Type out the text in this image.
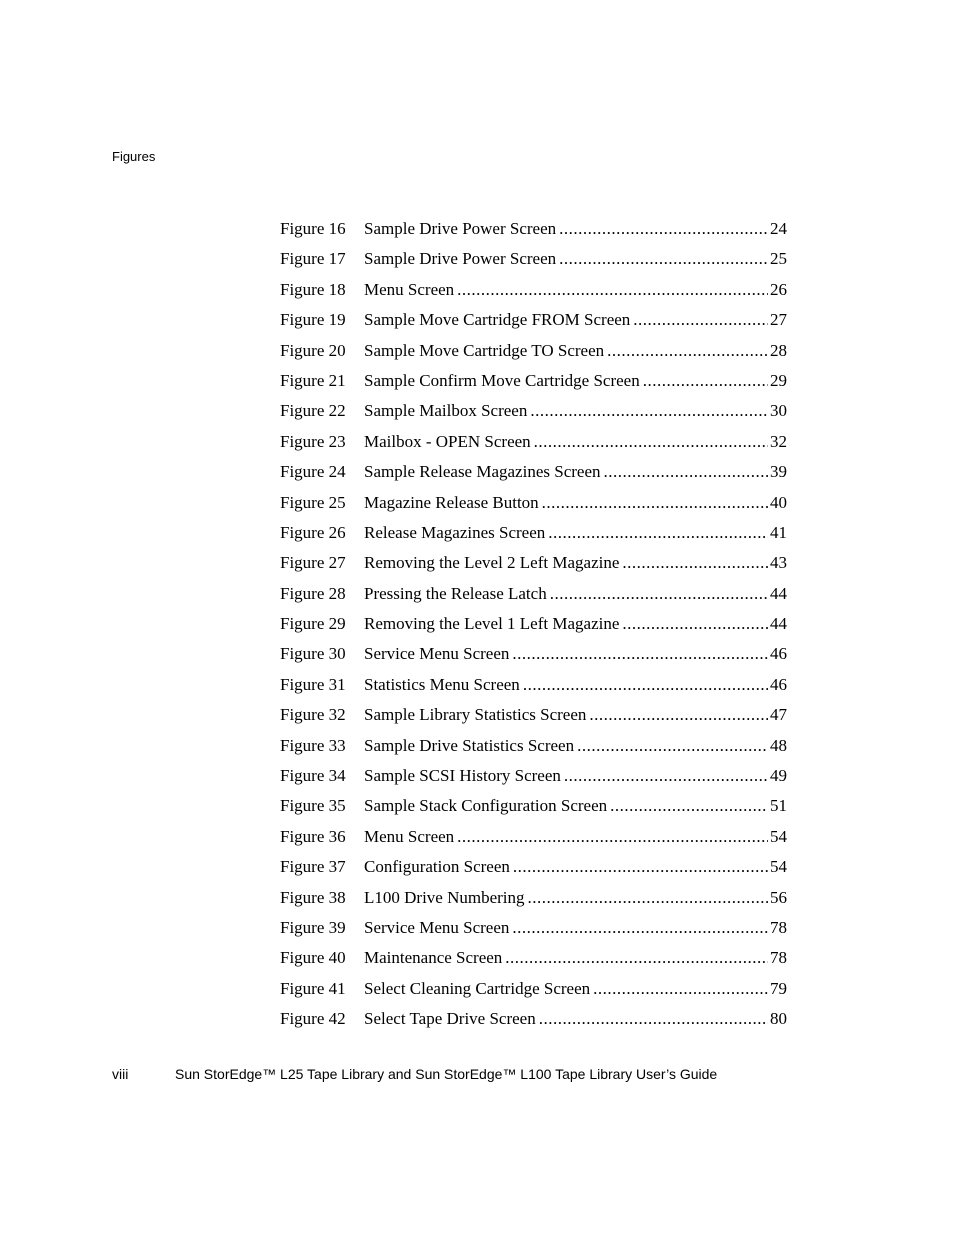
Figures
Figure 16	Sample Drive Power Screen .....	24
Figure 17	Sample Drive Power Screen .....	25
Figure 18	Menu Screen .....	26
Figure 19	Sample Move Cartridge FROM Screen .....	27
Figure 20	Sample Move Cartridge TO Screen .....	28
Figure 21	Sample Confirm Move Cartridge Screen .....	29
Figure 22	Sample Mailbox Screen .....	30
Figure 23	Mailbox - OPEN Screen .....	32
Figure 24	Sample Release Magazines Screen .....	39
Figure 25	Magazine Release Button .....	40
Figure 26	Release Magazines Screen .....	41
Figure 27	Removing the Level 2 Left Magazine .....	43
Figure 28	Pressing the Release Latch .....	44
Figure 29	Removing the Level 1 Left Magazine .....	44
Figure 30	Service Menu Screen .....	46
Figure 31	Statistics Menu Screen .....	46
Figure 32	Sample Library Statistics Screen .....	47
Figure 33	Sample Drive Statistics Screen .....	48
Figure 34	Sample SCSI History Screen .....	49
Figure 35	Sample Stack Configuration Screen .....	51
Figure 36	Menu Screen .....	54
Figure 37	Configuration Screen .....	54
Figure 38	L100 Drive Numbering .....	56
Figure 39	Service Menu Screen .....	78
Figure 40	Maintenance Screen .....	78
Figure 41	Select Cleaning Cartridge Screen .....	79
Figure 42	Select Tape Drive Screen .....	80
viii	Sun StorEdge™ L25 Tape Library and Sun StorEdge™ L100 Tape Library User’s Guide
